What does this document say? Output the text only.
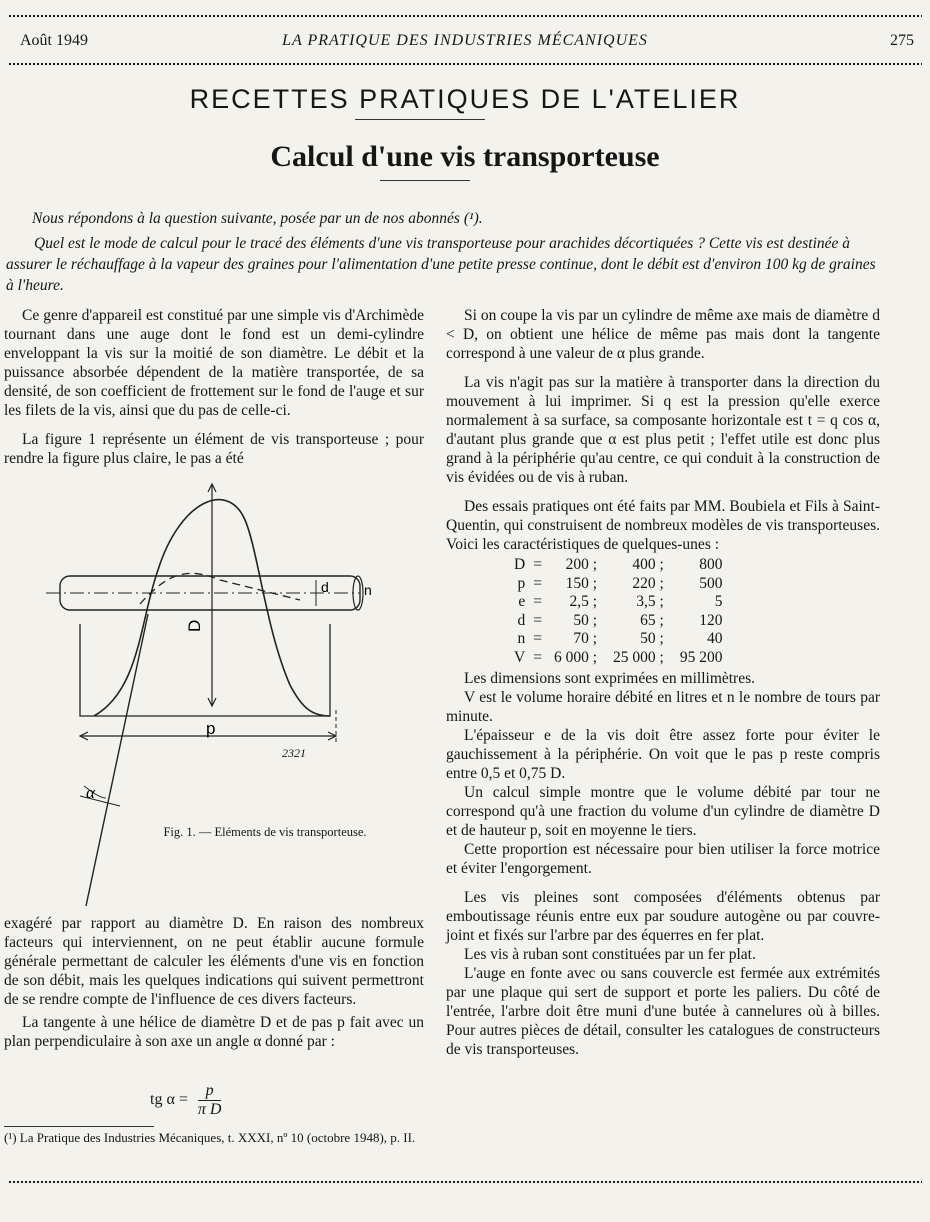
Août 1949	LA PRATIQUE DES INDUSTRIES MÉCANIQUES	275
RECETTES PRATIQUES DE L'ATELIER
Calcul d'une vis transporteuse
Nous répondons à la question suivante, posée par un de nos abonnés (¹).
Quel est le mode de calcul pour le tracé des éléments d'une vis transporteuse pour arachides décortiquées ? Cette vis est destinée à assurer le réchauffage à la vapeur des graines pour l'alimentation d'une petite presse continue, dont le débit est d'environ 100 kg de graines à l'heure.

Ce genre d'appareil est constitué par une simple vis d'Archimède tournant dans une auge dont le fond est un demi-cylindre enveloppant la vis sur la moitié de son diamètre. Le débit et la puissance absorbée dépendent de la matière transportée, de sa densité, de son coefficient de frottement sur le fond de l'auge et sur les filets de la vis, ainsi que du pas de celle-ci.

La figure 1 représente un élément de vis transporteuse ; pour rendre la figure plus claire, le pas a été

D
d	n
p
α
2321
Fig. 1. — Eléments de vis transporteuse.

exagéré par rapport au diamètre D. En raison des nombreux facteurs qui interviennent, on ne peut établir aucune formule générale permettant de calculer les éléments d'une vis en fonction de son débit, mais les quelques indications qui suivent permettront de se rendre compte de l'influence de ces divers facteurs.

La tangente à une hélice de diamètre D et de pas p fait avec un plan perpendiculaire à son axe un angle α donné par :

tg $\alpha = \frac{p}{\text{π D}}$
(¹) La Pratique des Industries Mécaniques, t. XXXI, nº 10 (octobre 1948), p. II.

Si on coupe la vis par un cylindre de même axe mais de diamètre d < D, on obtient une hélice de même pas mais dont la tangente correspond à une valeur de α plus grande.

La vis n'agit pas sur la matière à transporter dans la direction du mouvement à lui imprimer. Si q est la pression qu'elle exerce normalement à sa surface, sa composante horizontale est t = q cos α, d'autant plus grande que α est plus petit ; l'effet utile est donc plus grand à la périphérie qu'au centre, ce qui conduit à la construction de vis évidées ou de vis à ruban.

Des essais pratiques ont été faits par MM. Boubiela et Fils à Saint-Quentin, qui construisent de nombreux modèles de vis transporteuses. Voici les caractéristiques de quelques-unes :

D	=	200 ;	400 ;	800
p	=	150 ;	220 ;	500
e	=	2,5 ;	3,5 ;	5
d	=	50 ;	65 ;	120
n	=	70 ;	50 ;	40
V	=	6 000 ;	25 000 ;	95 200

Les dimensions sont exprimées en millimètres.

V est le volume horaire débité en litres et n le nombre de tours par minute.

L'épaisseur e de la vis doit être assez forte pour éviter le gauchissement à la périphérie. On voit que le pas p reste compris entre 0,5 et 0,75 D.

Un calcul simple montre que le volume débité par tour ne correspond qu'à une fraction du volume d'un cylindre de diamètre D et de hauteur p, soit en moyenne le tiers.

Cette proportion est nécessaire pour bien utiliser la force motrice et éviter l'engorgement.

Les vis pleines sont composées d'éléments obtenus par emboutissage réunis entre eux par soudure autogène ou par couvre-joint et fixés sur l'arbre par des équerres en fer plat.

Les vis à ruban sont constituées par un fer plat.

L'auge en fonte avec ou sans couvercle est fermée aux extrémités par une plaque qui sert de support et porte les paliers. Du côté de l'entrée, l'arbre doit être muni d'une butée à cannelures où à billes. Pour autres pièces de détail, consulter les catalogues de constructeurs de vis transporteuses.
